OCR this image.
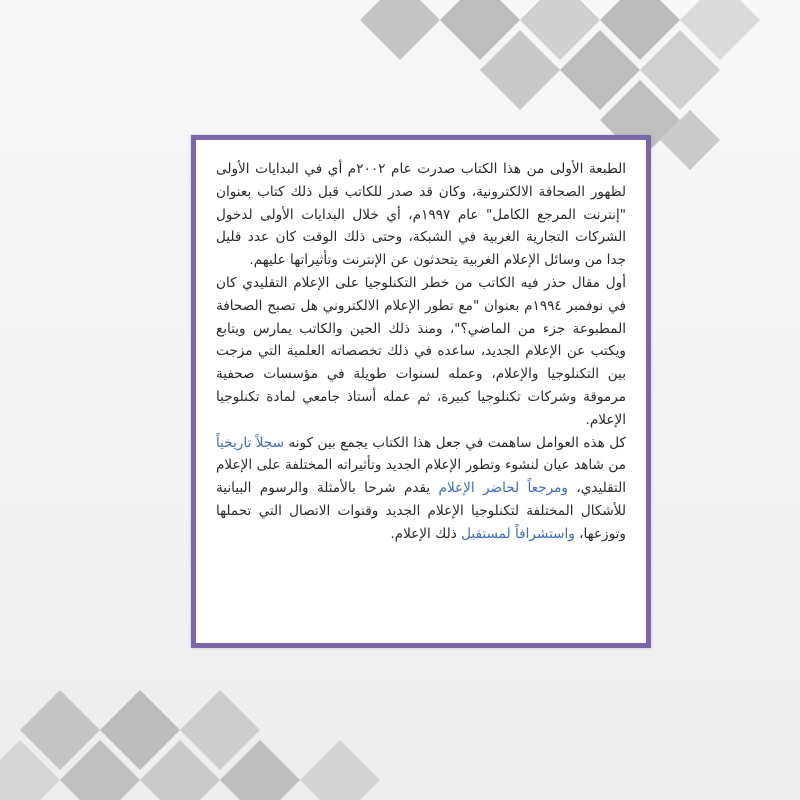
الطبعة الأولى من هذا الكتاب صدرت عام ٢٠٠٢م أي في البدايات الأولى لظهور الصحافة الالكترونية، وكان قد صدر للكاتب قبل ذلك كتاب بعنوان "إنترنت المرجع الكامل" عام ١٩٩٧م، أي خلال البدايات الأولى لدخول الشركات التجارية الغربية في الشبكة، وحتى ذلك الوقت كان عدد قليل جدا من وسائل الإعلام الغربية يتحدثون عن الإنترنت وتأثيراتها عليهم.

أول مقال حذر فيه الكاتب من خطر التكنلوجيا على الإعلام التقليدي كان في نوفمبر ١٩٩٤م بعنوان "مع تطور الإعلام الالكتروني هل تصبح الصحافة المطبوعة جزء من الماضي؟"، ومنذ ذلك الحين والكاتب يمارس ويتابع ويكتب عن الإعلام الجديد، ساعده في ذلك تخصصاته العلمية التي مزجت بين التكنلوجيا والإعلام، وعمله لسنوات طويلة في مؤسسات صحفية مرموقة وشركات تكنلوجيا كبيرة، ثم عمله أستاذ جامعي لمادة تكنلوجيا الإعلام.

كل هذه العوامل ساهمت في جعل هذا الكتاب يجمع بين كونه سجلاً تاريخياً من شاهد عيان لنشوء وتطور الإعلام الجديد وتأثيراته المختلفة على الإعلام التقليدي، ومرجعاً لحاضر الإعلام يقدم شرحا بالأمثلة والرسوم البيانية للأشكال المختلفة لتكنلوجيا الإعلام الجديد وقنوات الاتصال التي تحملها وتوزعها، واستشرافاً لمستقبل ذلك الإعلام.
